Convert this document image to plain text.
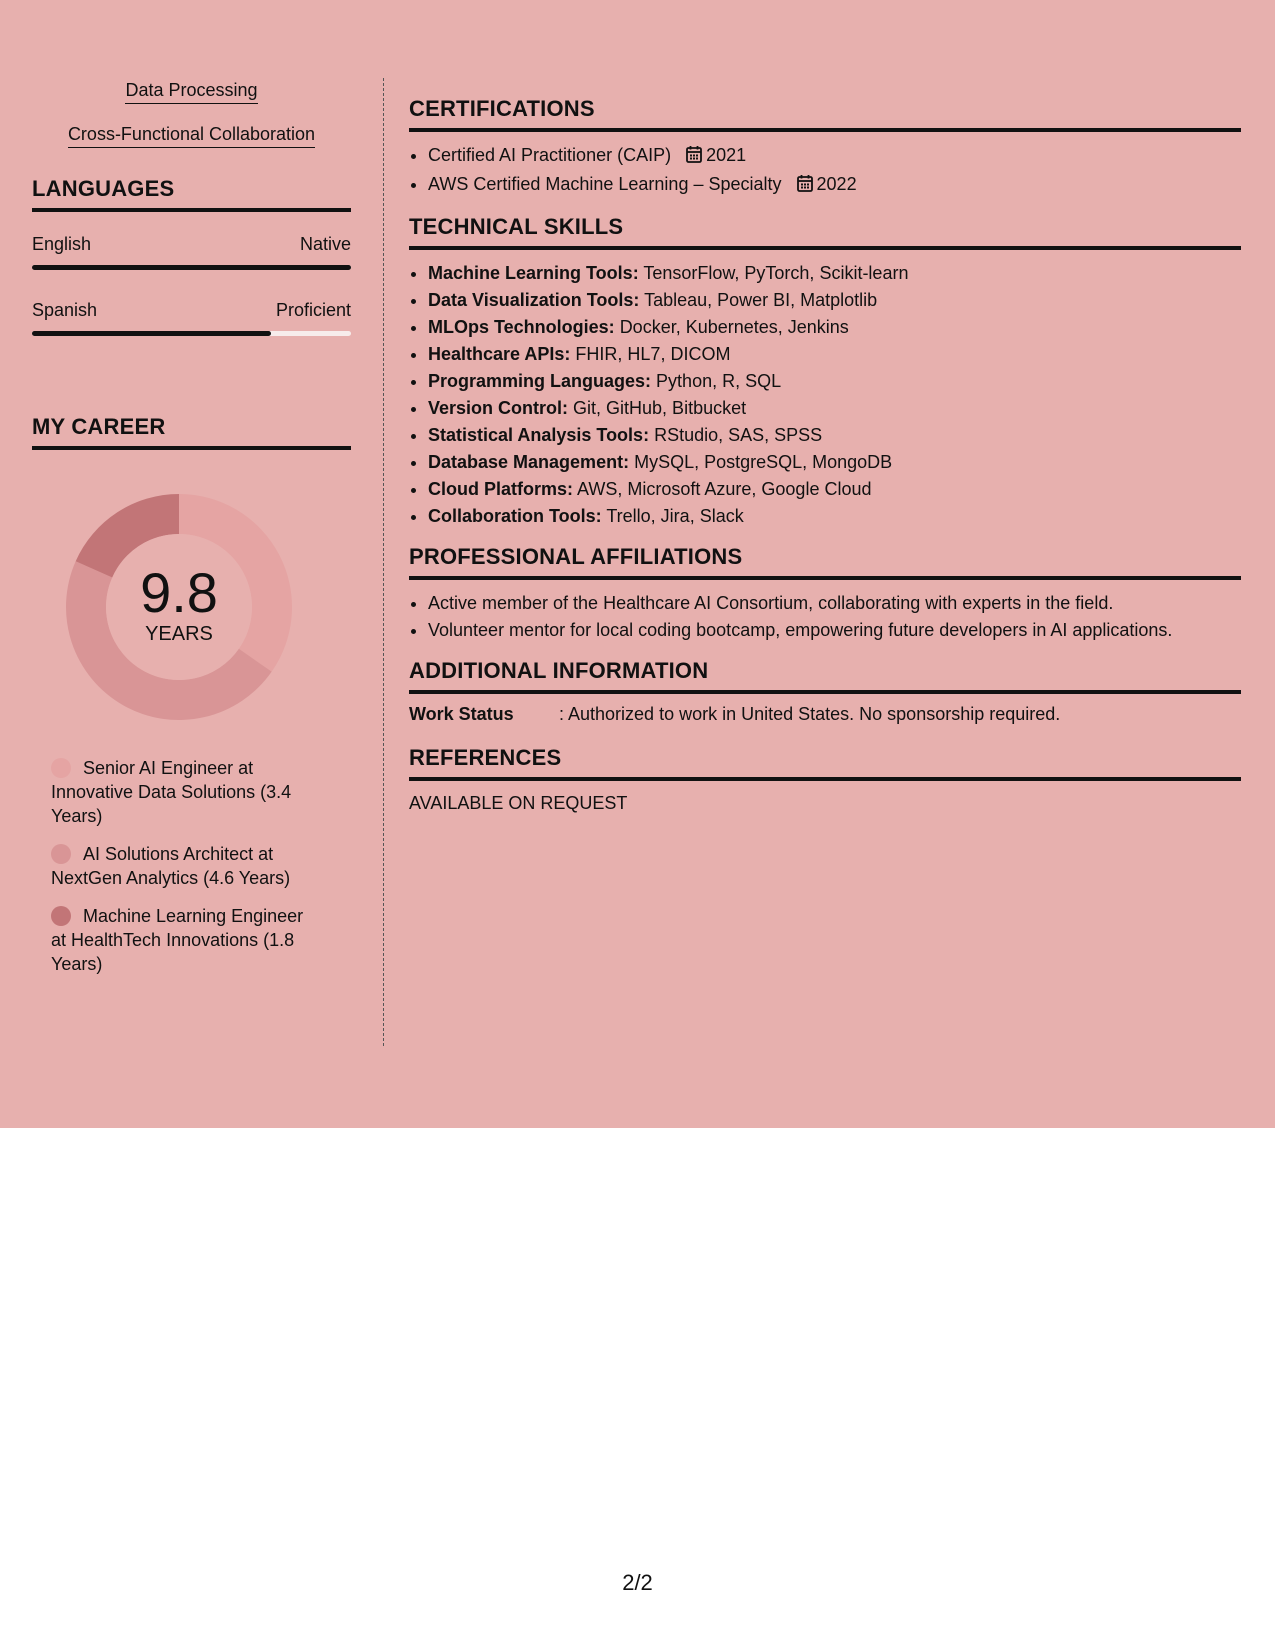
Data Processing
Cross-Functional Collaboration
LANGUAGES
English	Native
Spanish	Proficient
MY CAREER
9.8
YEARS
Senior AI Engineer at Innovative Data Solutions (3.4 Years)
AI Solutions Architect at NextGen Analytics (4.6 Years)
Machine Learning Engineer at HealthTech Innovations (1.8 Years)
CERTIFICATIONS
• Certified AI Practitioner (CAIP) 2021
• AWS Certified Machine Learning – Specialty 2022
TECHNICAL SKILLS
• Machine Learning Tools: TensorFlow, PyTorch, Scikit-learn
• Data Visualization Tools: Tableau, Power BI, Matplotlib
• MLOps Technologies: Docker, Kubernetes, Jenkins
• Healthcare APIs: FHIR, HL7, DICOM
• Programming Languages: Python, R, SQL
• Version Control: Git, GitHub, Bitbucket
• Statistical Analysis Tools: RStudio, SAS, SPSS
• Database Management: MySQL, PostgreSQL, MongoDB
• Cloud Platforms: AWS, Microsoft Azure, Google Cloud
• Collaboration Tools: Trello, Jira, Slack
PROFESSIONAL AFFILIATIONS
• Active member of the Healthcare AI Consortium, collaborating with experts in the field.
• Volunteer mentor for local coding bootcamp, empowering future developers in AI applications.
ADDITIONAL INFORMATION
Work Status	: Authorized to work in United States. No sponsorship required.
REFERENCES
AVAILABLE ON REQUEST
2/2
